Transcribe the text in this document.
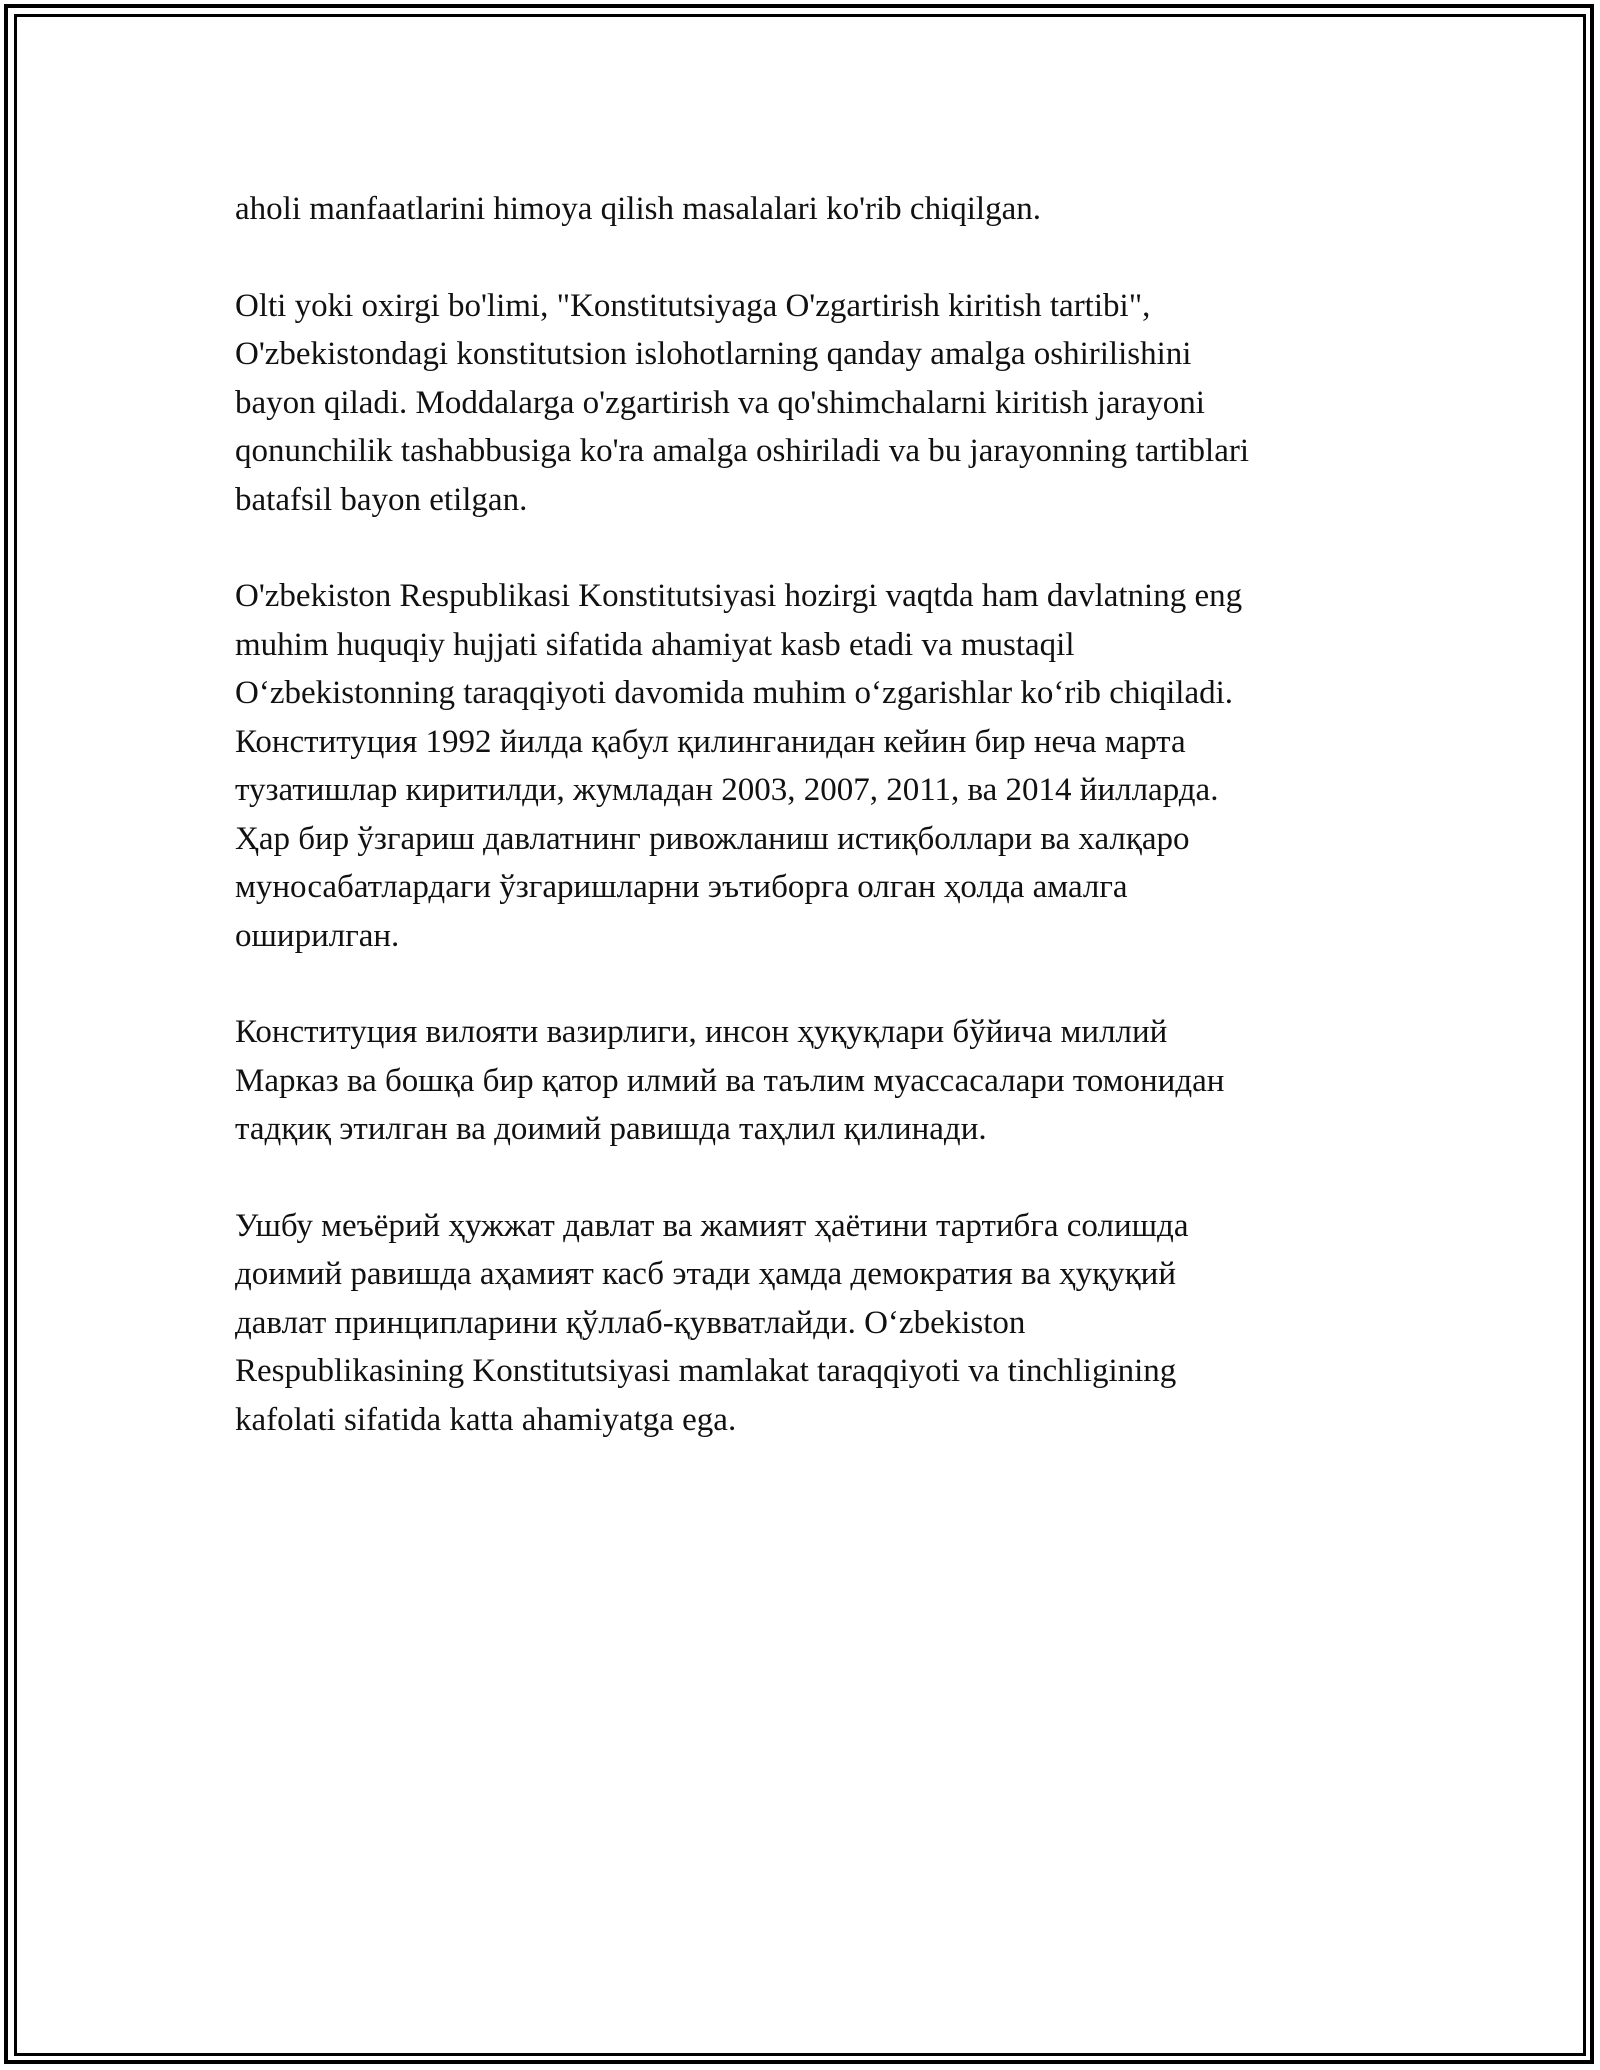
aholi manfaatlarini himoya qilish masalalari ko'rib chiqilgan.

Olti yoki oxirgi bo'limi, "Konstitutsiyaga O'zgartirish kiritish tartibi",
O'zbekistondagi konstitutsion islohotlarning qanday amalga oshirilishini
bayon qiladi. Moddalarga o'zgartirish va qo'shimchalarni kiritish jarayoni
qonunchilik tashabbusiga ko'ra amalga oshiriladi va bu jarayonning tartiblari
batafsil bayon etilgan.

O'zbekiston Respublikasi Konstitutsiyasi hozirgi vaqtda ham davlatning eng
muhim huquqiy hujjati sifatida ahamiyat kasb etadi va mustaqil
O‘zbekistonning taraqqiyoti davomida muhim o‘zgarishlar ko‘rib chiqiladi.
Конституция 1992 йилда қабул қилинганидан кейин бир неча марта
тузатишлар киритилди, жумладан 2003, 2007, 2011, ва 2014 йилларда.
Ҳар бир ўзгариш давлатнинг ривожланиш истиқболлари ва халқаро
муносабатлардаги ўзгаришларни эътиборга олган ҳолда амалга
оширилган.

Конституция вилояти вазирлиги, инсон ҳуқуқлари бўйича миллий
Марказ ва бошқа бир қатор илмий ва таълим муассасалари томонидан
тадқиқ этилган ва доимий равишда таҳлил қилинади.

Ушбу меъёрий ҳужжат давлат ва жамият ҳаётини тартибга солишда
доимий равишда аҳамият касб этади ҳамда демократия ва ҳуқуқий
давлат принципларини қўллаб-қувватлайди. O‘zbekiston
Respublikasining Konstitutsiyasi mamlakat taraqqiyoti va tinchligining
kafolati sifatida katta ahamiyatga ega.
